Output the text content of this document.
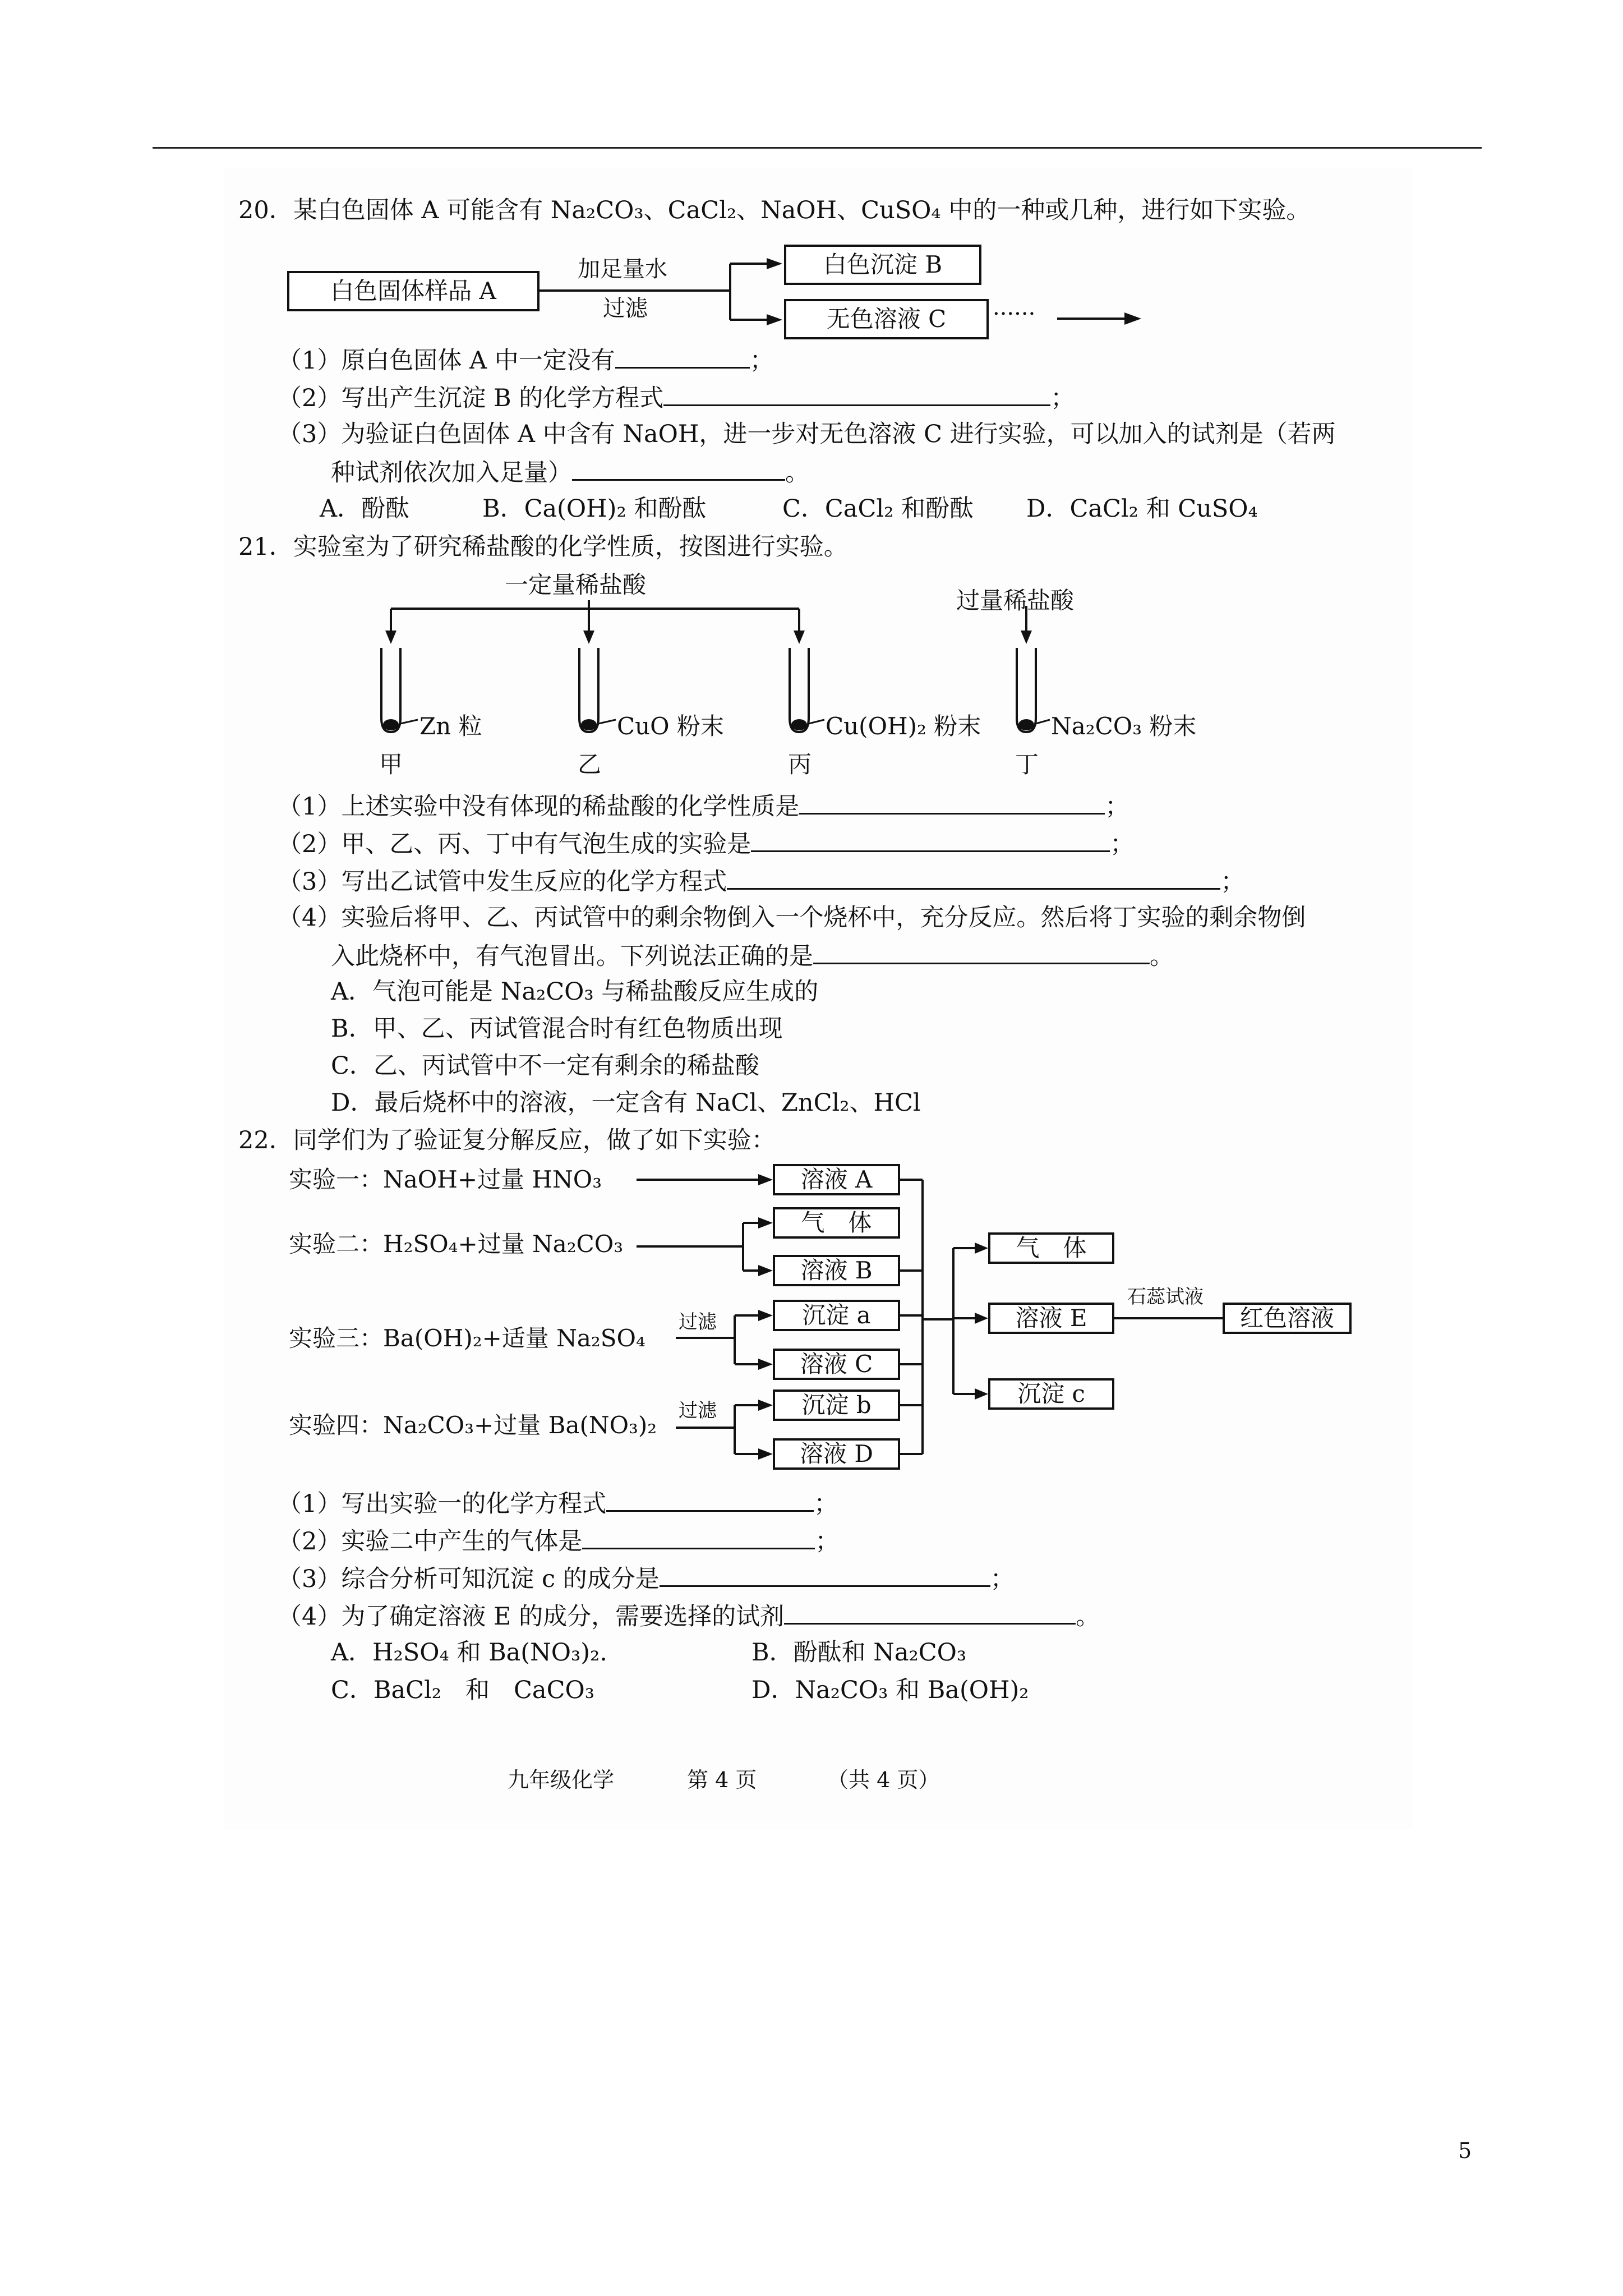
20．某白色固体 A 可能含有 Na₂CO₃、CaCl₂、NaOH、CuSO₄ 中的一种或几种，进行如下实验。
白色固体样品 A
加足量水
过滤
白色沉淀 B
无色溶液 C ······
（1）原白色固体 A 中一定没有	；
（2）写出产生沉淀 B 的化学方程式	；
（3）为验证白色固体 A 中含有 NaOH，进一步对无色溶液 C 进行实验，可以加入的试剂是（若两
种试剂依次加入足量）	。
A．酚酞	B．Ca(OH)₂ 和酚酞	C．CaCl₂ 和酚酞 D．CaCl₂ 和 CuSO₄
21．实验室为了研究稀盐酸的化学性质，按图进行实验。
一定量稀盐酸
过量稀盐酸
Zn 粒	CuO 粉末	Cu(OH)₂ 粉末	Na₂CO₃ 粉末
甲	乙	丙	丁
（1）上述实验中没有体现的稀盐酸的化学性质是	；
（2）甲、乙、丙、丁中有气泡生成的实验是	；
（3）写出乙试管中发生反应的化学方程式	；
（4）实验后将甲、乙、丙试管中的剩余物倒入一个烧杯中，充分反应。然后将丁实验的剩余物倒
入此烧杯中，有气泡冒出。下列说法正确的是	。
A．气泡可能是 Na₂CO₃ 与稀盐酸反应生成的
B．甲、乙、丙试管混合时有红色物质出现
C．乙、丙试管中不一定有剩余的稀盐酸
D．最后烧杯中的溶液，一定含有 NaCl、ZnCl₂、HCl
22．同学们为了验证复分解反应，做了如下实验：
实验一：NaOH+过量 HNO₃
实验二：H₂SO₄+过量 Na₂CO₃
实验三：Ba(OH)₂+适量 Na₂SO₄
实验四：Na₂CO₃+过量 Ba(NO₃)₂
过滤
过滤
石蕊试液
溶液 A
气　体
溶液 B
沉淀 a
溶液 C
沉淀 b
溶液 D
气　体
溶液 E
沉淀 c
红色溶液
（1）写出实验一的化学方程式	；
（2）实验二中产生的气体是	；
（3）综合分析可知沉淀 c 的成分是	；
（4）为了确定溶液 E 的成分，需要选择的试剂	。
A．H₂SO₄ 和 Ba(NO₃)₂.	B．酚酞和 Na₂CO₃
C．BaCl₂　和　CaCO₃	D．Na₂CO₃ 和 Ba(OH)₂
九年级化学	第 4 页	（共 4 页）
5
